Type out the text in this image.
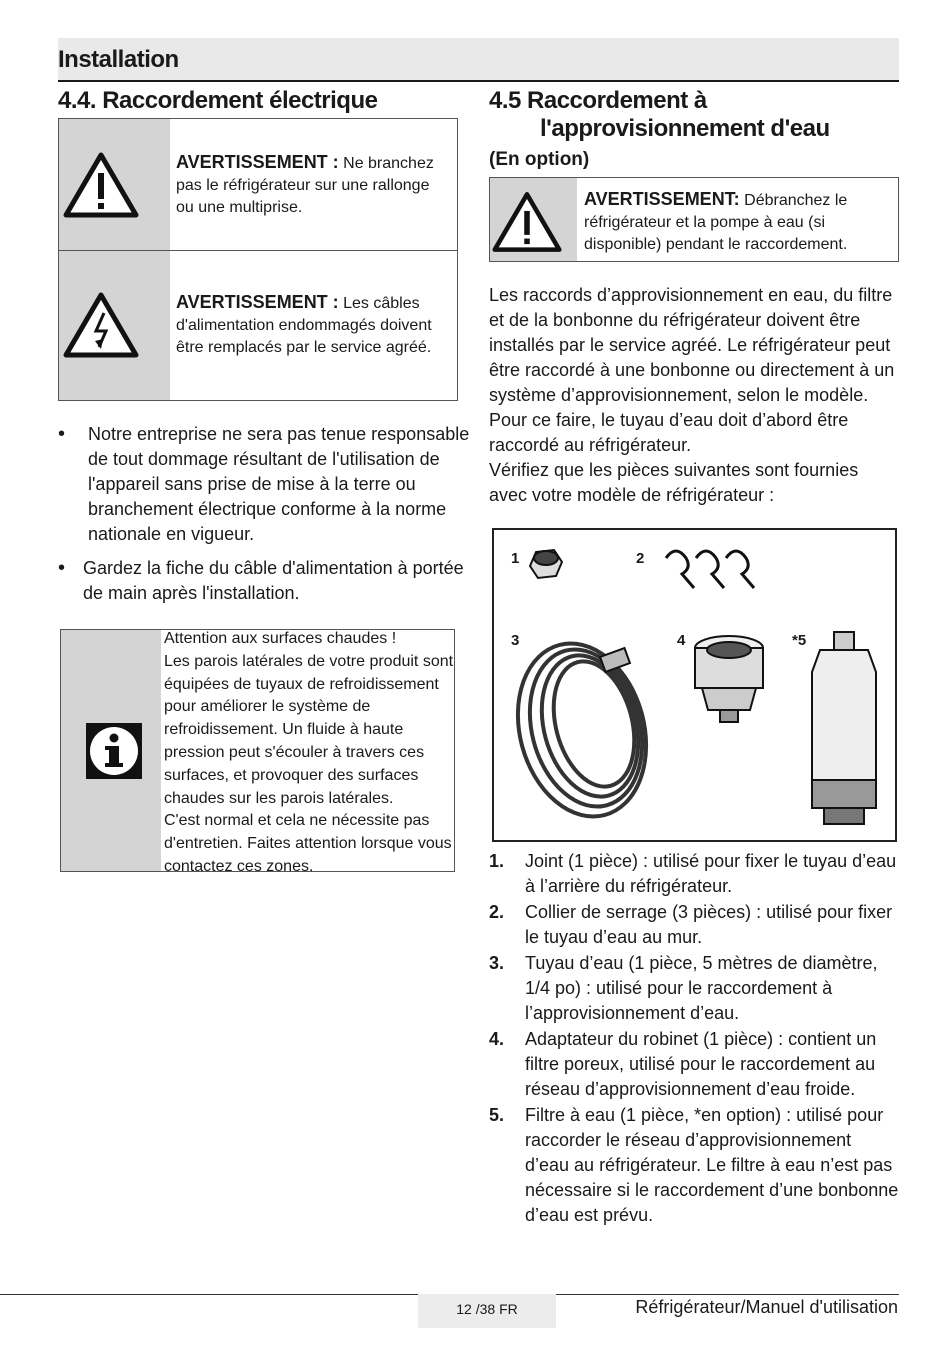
Installation
4.4. Raccordement électrique
AVERTISSEMENT : Ne branchez pas le réfrigérateur sur une rallonge ou une multiprise.
AVERTISSEMENT : Les câbles d'alimentation endommagés doivent être remplacés par le service agréé.
• Notre entreprise ne sera pas tenue responsable de tout dommage résultant de l'utilisation de l'appareil sans prise de mise à la terre ou branchement électrique conforme à la norme nationale en vigueur.
• Gardez la fiche du câble d'alimentation à portée de main après l'installation.
Attention aux surfaces chaudes !
Les parois latérales de votre produit sont équipées de tuyaux de refroidissement pour améliorer le système de refroidissement. Un fluide à haute pression peut s'écouler à travers ces surfaces, et provoquer des surfaces chaudes sur les parois latérales.
C'est normal et cela ne nécessite pas d'entretien. Faites attention lorsque vous contactez ces zones.
4.5 Raccordement à
l'approvisionnement d'eau
(En option)
AVERTISSEMENT: Débranchez le réfrigérateur et la pompe à eau (si disponible) pendant le raccordement.
Les raccords d’approvisionnement en eau, du filtre et de la bonbonne du réfrigérateur doivent être installés par le service agréé. Le réfrigérateur peut être raccordé à une bonbonne ou directement à un système d’approvisionnement, selon le modèle. Pour ce faire, le tuyau d’eau doit d’abord être raccordé au réfrigérateur.
Vérifiez que les pièces suivantes sont fournies avec votre modèle de réfrigérateur :
1	2
3	4	*5
1. Joint (1 pièce) : utilisé pour fixer le tuyau d’eau à l’arrière du réfrigérateur.
2. Collier de serrage (3 pièces) : utilisé pour fixer le tuyau d’eau au mur.
3. Tuyau d’eau (1 pièce, 5 mètres de diamètre, 1/4 po) : utilisé pour le raccordement à l’approvisionnement d’eau.
4. Adaptateur du robinet (1 pièce) : contient un filtre poreux, utilisé pour le raccordement au réseau d’approvisionnement d’eau froide.
5. Filtre à eau (1 pièce, *en option) : utilisé pour raccorder le réseau d’approvisionnement d’eau au réfrigérateur. Le filtre à eau n’est pas nécessaire si le raccordement d’une bonbonne d’eau est prévu.
12 /38 FR	Réfrigérateur/Manuel d'utilisation
